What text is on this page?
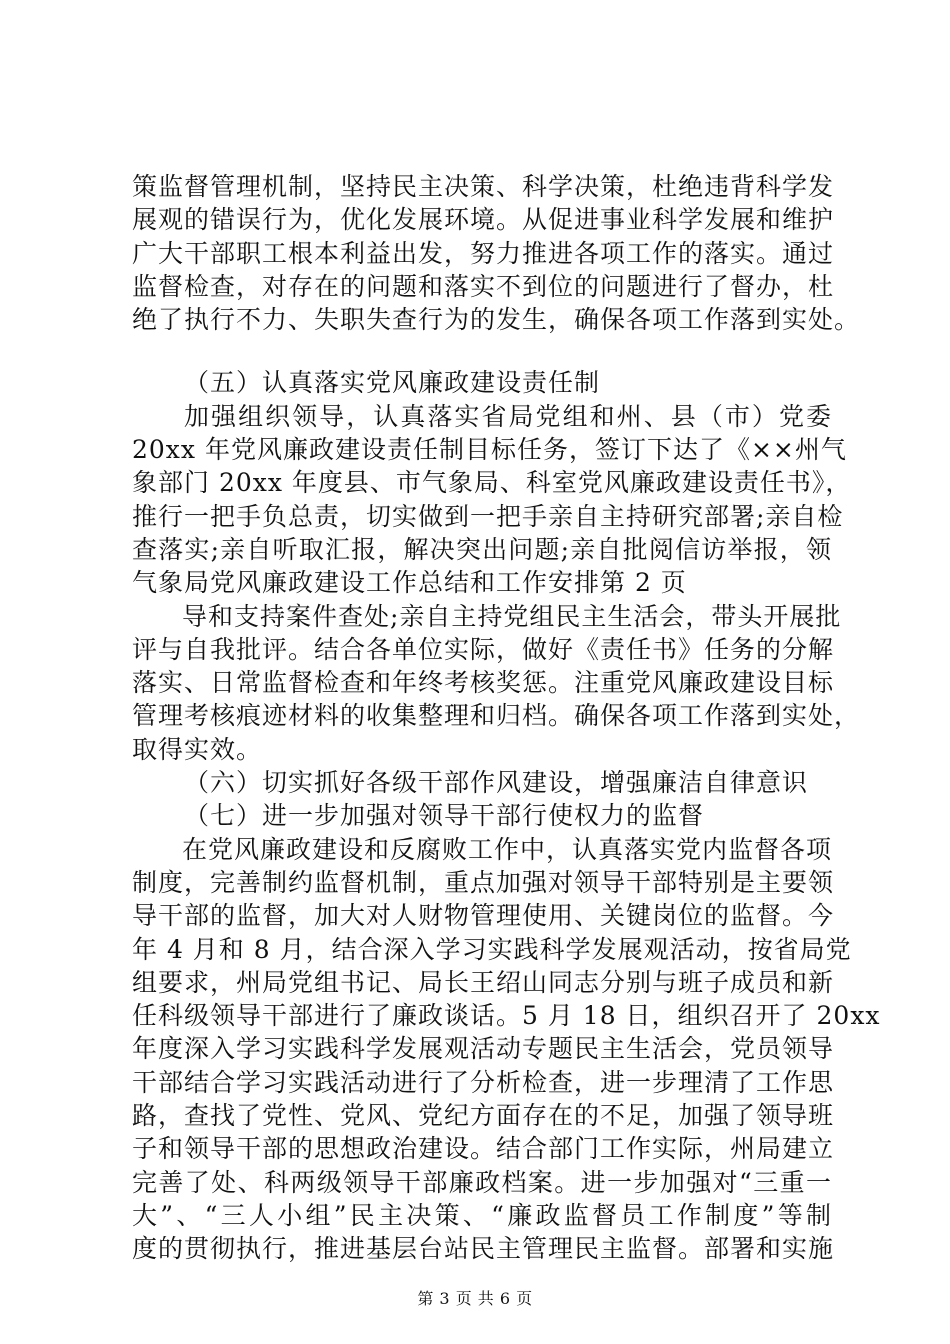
策监督管理机制，坚持民主决策、科学决策，杜绝违背科学发
展观的错误行为，优化发展环境。从促进事业科学发展和维护
广大干部职工根本利益出发，努力推进各项工作的落实。通过
监督检查，对存在的问题和落实不到位的问题进行了督办，杜
绝了执行不力、失职失查行为的发生，确保各项工作落到实处。
（五）认真落实党风廉政建设责任制
加强组织领导，认真落实省局党组和州、县（市）党委
20xx 年党风廉政建设责任制目标任务，签订下达了《××州气
象部门 20xx 年度县、市气象局、科室党风廉政建设责任书》，
推行一把手负总责，切实做到一把手亲自主持研究部署;亲自检
查落实;亲自听取汇报，解决突出问题;亲自批阅信访举报，领
气象局党风廉政建设工作总结和工作安排第 2 页
导和支持案件查处;亲自主持党组民主生活会，带头开展批
评与自我批评。结合各单位实际，做好《责任书》任务的分解
落实、日常监督检查和年终考核奖惩。注重党风廉政建设目标
管理考核痕迹材料的收集整理和归档。确保各项工作落到实处，
取得实效。
（六）切实抓好各级干部作风建设，增强廉洁自律意识
（七）进一步加强对领导干部行使权力的监督
在党风廉政建设和反腐败工作中，认真落实党内监督各项
制度，完善制约监督机制，重点加强对领导干部特别是主要领
导干部的监督，加大对人财物管理使用、关键岗位的监督。今
年 4 月和 8 月，结合深入学习实践科学发展观活动，按省局党
组要求，州局党组书记、局长王绍山同志分别与班子成员和新
任科级领导干部进行了廉政谈话。5 月 18 日，组织召开了 20xx
年度深入学习实践科学发展观活动专题民主生活会，党员领导
干部结合学习实践活动进行了分析检查，进一步理清了工作思
路，查找了党性、党风、党纪方面存在的不足，加强了领导班
子和领导干部的思想政治建设。结合部门工作实际，州局建立
完善了处、科两级领导干部廉政档案。进一步加强对“三重一
大”、“三人小组”民主决策、“廉政监督员工作制度”等制
度的贯彻执行，推进基层台站民主管理民主监督。部署和实施
第 3 页 共 6 页
